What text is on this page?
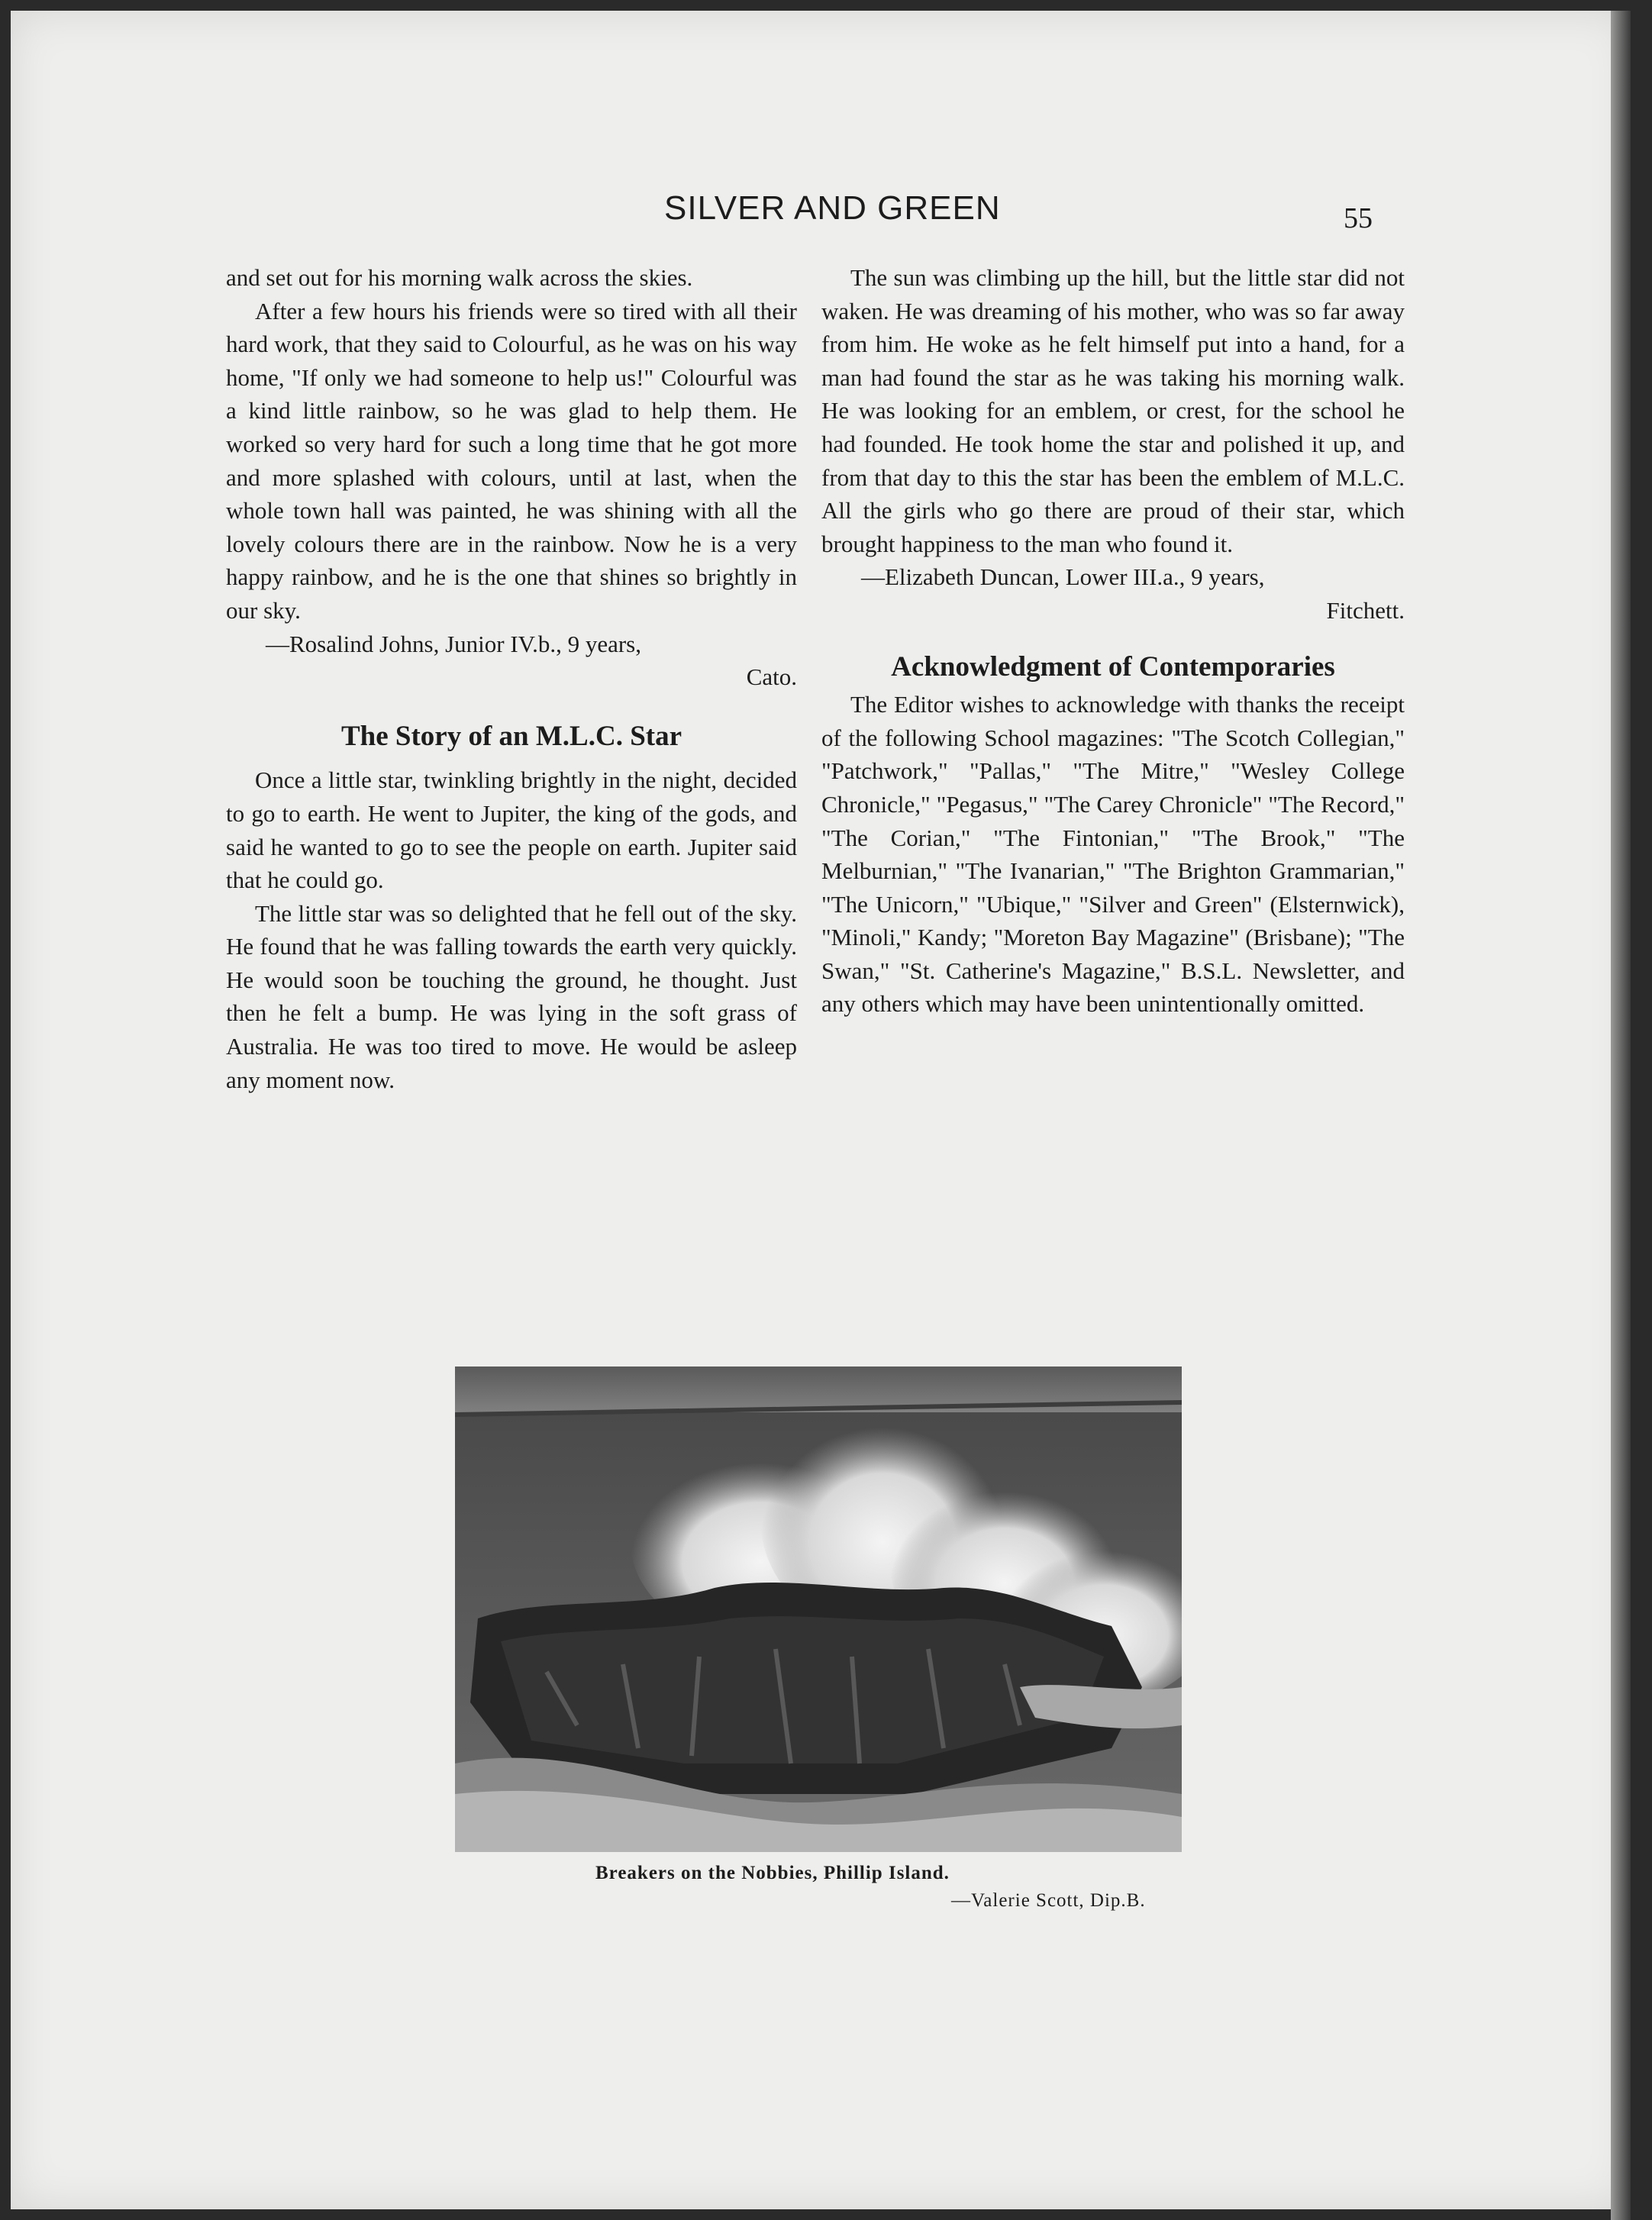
SILVER AND GREEN	55

and set out for his morning walk across the skies.

After a few hours his friends were so tired with all their hard work, that they said to Colourful, as he was on his way home, "If only we had someone to help us!" Colourful was a kind little rainbow, so he was glad to help them. He worked so very hard for such a long time that he got more and more splashed with colours, until at last, when the whole town hall was painted, he was shining with all the lovely colours there are in the rainbow. Now he is a very happy rainbow, and he is the one that shines so brightly in our sky.

—Rosalind Johns, Junior IV.b., 9 years,

Cato.

The Story of an M.L.C. Star

Once a little star, twinkling brightly in the night, decided to go to earth. He went to Jupiter, the king of the gods, and said he wanted to go to see the people on earth. Jupiter said that he could go.

The little star was so delighted that he fell out of the sky. He found that he was falling towards the earth very quickly. He would soon be touching the ground, he thought. Just then he felt a bump. He was lying in the soft grass of Australia. He was too tired to move. He would be asleep any moment now.

The sun was climbing up the hill, but the little star did not waken. He was dreaming of his mother, who was so far away from him. He woke as he felt himself put into a hand, for a man had found the star as he was taking his morning walk. He was looking for an emblem, or crest, for the school he had founded. He took home the star and polished it up, and from that day to this the star has been the emblem of M.L.C. All the girls who go there are proud of their star, which brought happiness to the man who found it.

—Elizabeth Duncan, Lower III.a., 9 years,

Fitchett.

Acknowledgment of Contemporaries

The Editor wishes to acknowledge with thanks the receipt of the following School magazines: "The Scotch Collegian," "Patchwork," "Pallas," "The Mitre," "Wesley College Chronicle," "Pegasus," "The Carey Chronicle" "The Record," "The Corian," "The Fintonian," "The Brook," "The Melburnian," "The Ivanarian," "The Brighton Grammarian," "The Unicorn," "Ubique," "Silver and Green" (Elsternwick), "Minoli," Kandy; "Moreton Bay Magazine" (Brisbane); "The Swan," "St. Catherine's Magazine," B.S.L. Newsletter, and any others which may have been unintentionally omitted.

Breakers on the Nobbies, Phillip Island.
—Valerie Scott, Dip.B.
